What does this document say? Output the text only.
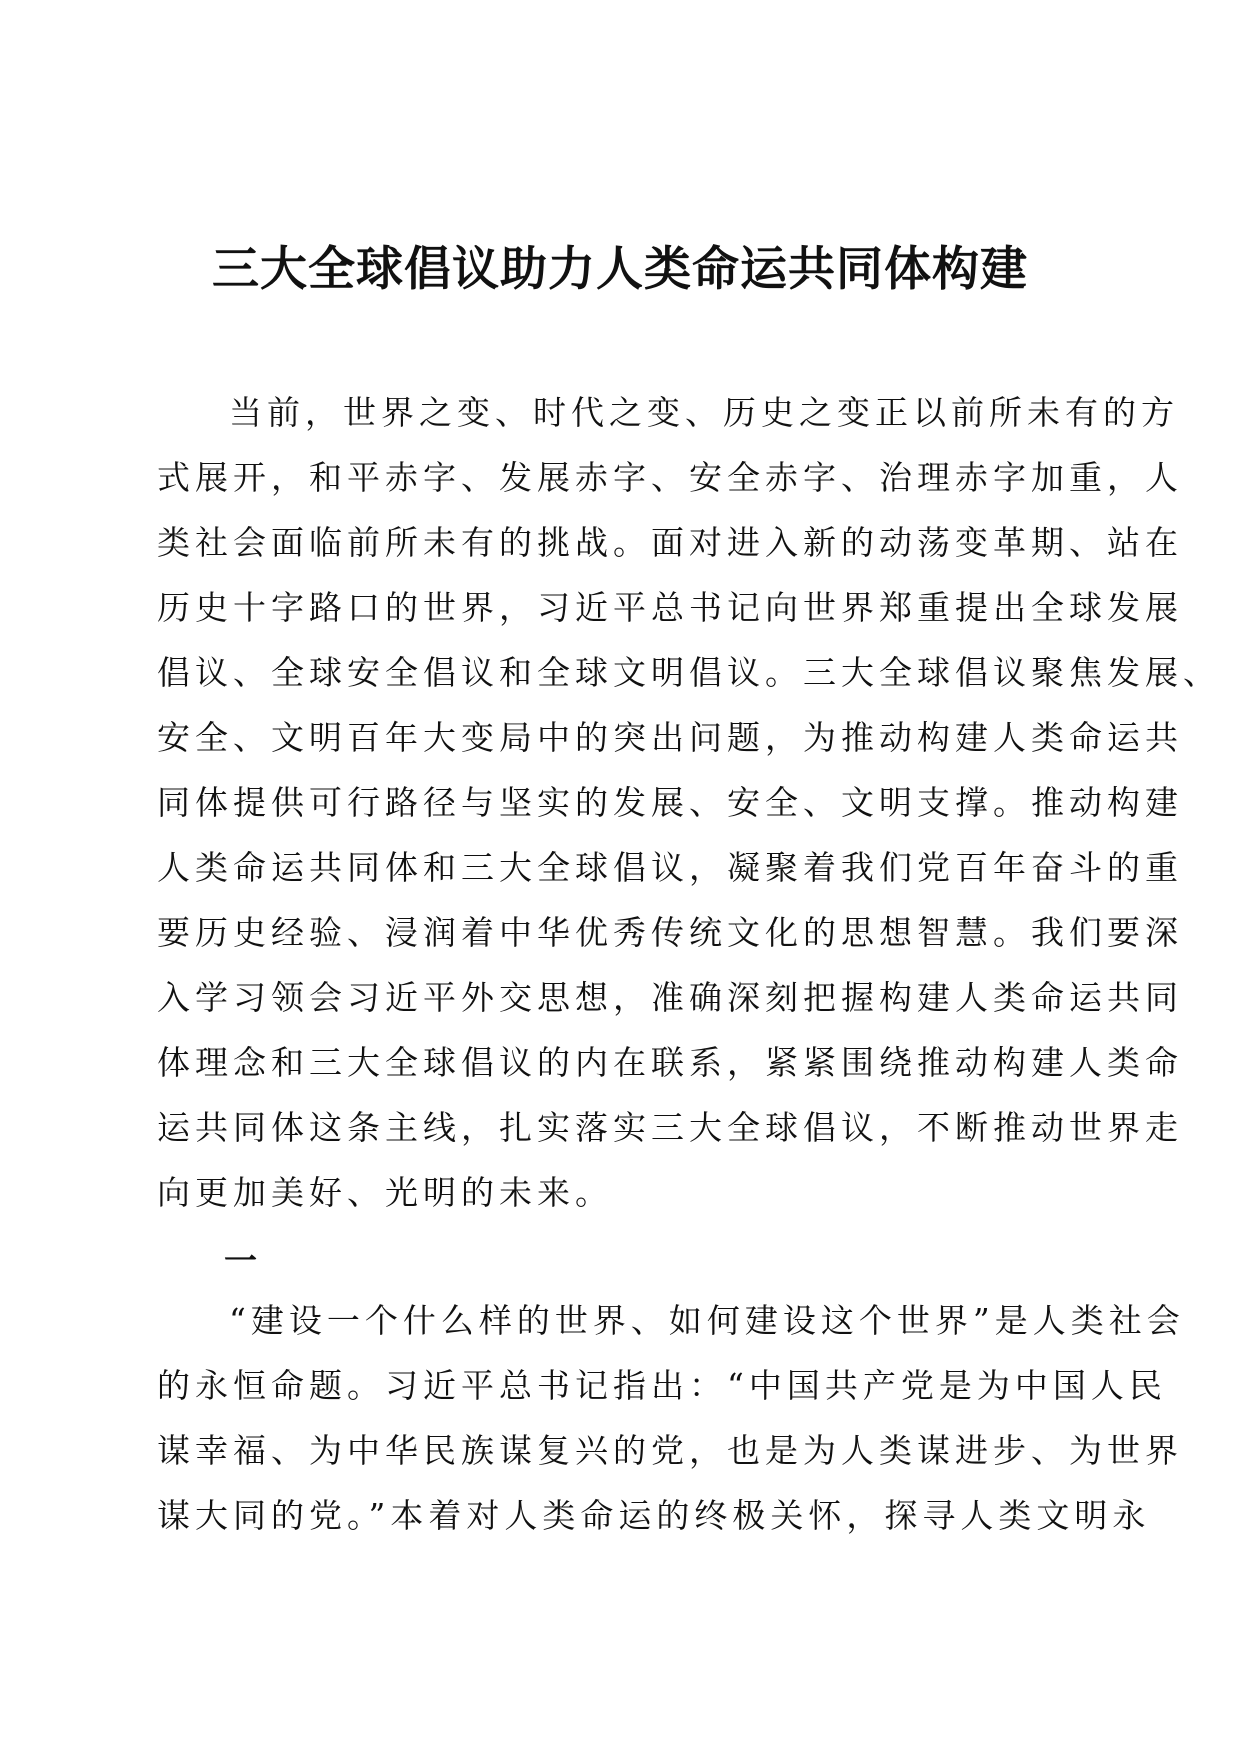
三大全球倡议助力人类命运共同体构建
当前，世界之变、时代之变、历史之变正以前所未有的方
式展开，和平赤字、发展赤字、安全赤字、治理赤字加重，人
类社会面临前所未有的挑战。面对进入新的动荡变革期、站在
历史十字路口的世界，习近平总书记向世界郑重提出全球发展
倡议、全球安全倡议和全球文明倡议。三大全球倡议聚焦发展、
安全、文明百年大变局中的突出问题，为推动构建人类命运共
同体提供可行路径与坚实的发展、安全、文明支撑。推动构建
人类命运共同体和三大全球倡议，凝聚着我们党百年奋斗的重
要历史经验、浸润着中华优秀传统文化的思想智慧。我们要深
入学习领会习近平外交思想，准确深刻把握构建人类命运共同
体理念和三大全球倡议的内在联系，紧紧围绕推动构建人类命
运共同体这条主线，扎实落实三大全球倡议，不断推动世界走
向更加美好、光明的未来。
一
“建设一个什么样的世界、如何建设这个世界”是人类社会
的永恒命题。习近平总书记指出：“中国共产党是为中国人民
谋幸福、为中华民族谋复兴的党，也是为人类谋进步、为世界
谋大同的党。”本着对人类命运的终极关怀，探寻人类文明永
